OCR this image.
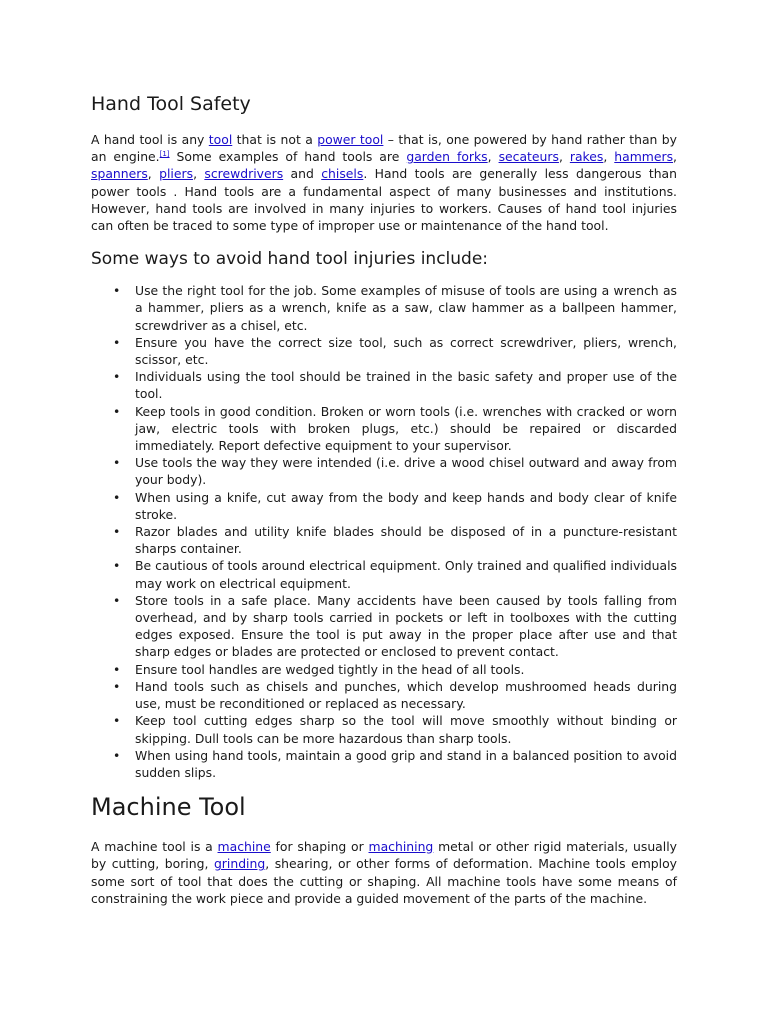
Hand Tool Safety

A hand tool is any tool that is not a power tool – that is, one powered by hand rather than by an engine.[1] Some examples of hand tools are garden forks, secateurs, rakes, hammers, spanners, pliers, screwdrivers and chisels. Hand tools are generally less dangerous than power tools . Hand tools are a fundamental aspect of many businesses and institutions. However, hand tools are involved in many injuries to workers. Causes of hand tool injuries can often be traced to some type of improper use or maintenance of the hand tool.

Some ways to avoid hand tool injuries include:
• Use the right tool for the job. Some examples of misuse of tools are using a wrench as a hammer, pliers as a wrench, knife as a saw, claw hammer as a ballpeen hammer, screwdriver as a chisel, etc.
• Ensure you have the correct size tool, such as correct screwdriver, pliers, wrench, scissor, etc.
• Individuals using the tool should be trained in the basic safety and proper use of the tool.
• Keep tools in good condition. Broken or worn tools (i.e. wrenches with cracked or worn jaw, electric tools with broken plugs, etc.) should be repaired or discarded immediately. Report defective equipment to your supervisor.
• Use tools the way they were intended (i.e. drive a wood chisel outward and away from your body).
• When using a knife, cut away from the body and keep hands and body clear of knife stroke.
• Razor blades and utility knife blades should be disposed of in a puncture-resistant sharps container.
• Be cautious of tools around electrical equipment. Only trained and qualified individuals may work on electrical equipment.
• Store tools in a safe place. Many accidents have been caused by tools falling from overhead, and by sharp tools carried in pockets or left in toolboxes with the cutting edges exposed. Ensure the tool is put away in the proper place after use and that sharp edges or blades are protected or enclosed to prevent contact.
• Ensure tool handles are wedged tightly in the head of all tools.
• Hand tools such as chisels and punches, which develop mushroomed heads during use, must be reconditioned or replaced as necessary.
• Keep tool cutting edges sharp so the tool will move smoothly without binding or skipping. Dull tools can be more hazardous than sharp tools.
• When using hand tools, maintain a good grip and stand in a balanced position to avoid sudden slips.
Machine Tool

A machine tool is a machine for shaping or machining metal or other rigid materials, usually by cutting, boring, grinding, shearing, or other forms of deformation. Machine tools employ some sort of tool that does the cutting or shaping. All machine tools have some means of constraining the work piece and provide a guided movement of the parts of the machine.
